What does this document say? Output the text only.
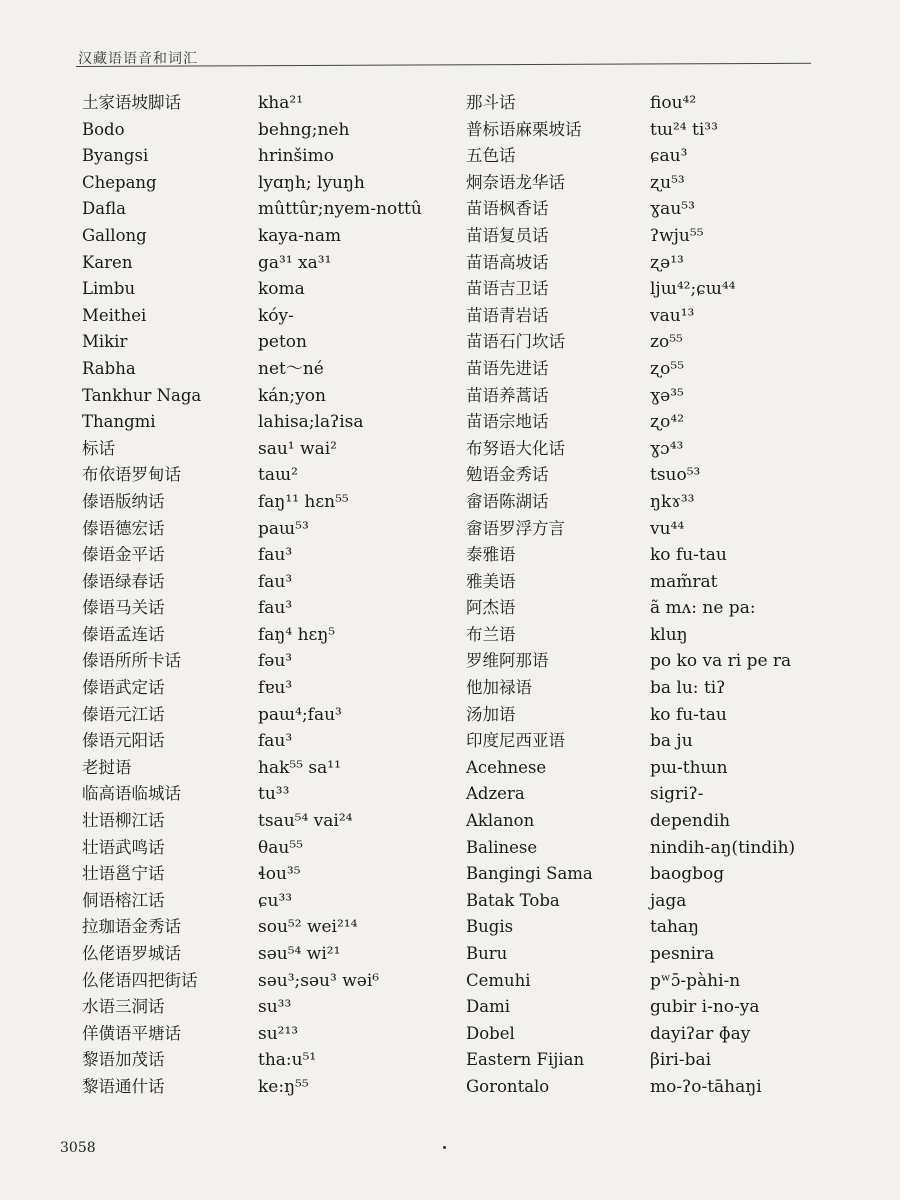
汉藏语语音和词汇
土家语坡脚话
Bodo
Byangsi
Chepang
Dafla
Gallong
Karen
Limbu
Meithei
Mikir
Rabha
Tankhur Naga
Thangmi
标话
布依语罗甸话
傣语版纳话
傣语德宏话
傣语金平话
傣语绿春话
傣语马关话
傣语孟连话
傣语所所卡话
傣语武定话
傣语元江话
傣语元阳话
老挝语
临高语临城话
壮语柳江话
壮语武鸣话
壮语邕宁话
侗语榕江话
拉珈语金秀话
仫佬语罗城话
仫佬语四把街话
水语三洞话
佯僙语平塘话
黎语加茂话
黎语通什话
kha²¹
behng;neh
hrinšimo
lyɑŋh; lyuŋh
mûttûr;nyem-nottû
kaya-nam
ga³¹ xa³¹
koma
kóy-
peton
net～né
kán;yon
lahisa;laʔisa
sau¹ wai²
taɯ²
faŋ¹¹ hɛn⁵⁵
paɯ⁵³
fau³
fau³
fau³
faŋ⁴ hɛŋ⁵
fəu³
fɐu³
paɯ⁴;fau³
fau³
hak⁵⁵ sa¹¹
tu³³
tsau⁵⁴ vai²⁴
θau⁵⁵
ɬou³⁵
ɕu³³
sou⁵² wei²¹⁴
səu⁵⁴ wi²¹
səu³;səu³ wəi⁶
su³³
su²¹³
tha:u⁵¹
ke:ŋ⁵⁵
那斗话
普标语麻栗坡话
五色话
炯奈语龙华话
苗语枫香话
苗语复员话
苗语高坡话
苗语吉卫话
苗语青岩话
苗语石门坎话
苗语先进话
苗语养蒿话
苗语宗地话
布努语大化话
勉语金秀话
畲语陈湖话
畲语罗浮方言
泰雅语
雅美语
阿杰语
布兰语
罗维阿那语
他加禄语
汤加语
印度尼西亚语
Acehnese
Adzera
Aklanon
Balinese
Bangingi Sama
Batak Toba
Bugis
Buru
Cemuhi
Dami
Dobel
Eastern Fijian
Gorontalo
fiou⁴²
tɯ²⁴ ti³³
ɕau³
ʐu⁵³
ɣau⁵³
ʔwju⁵⁵
ʐə¹³
ljɯ⁴²;ɕɯ⁴⁴
vau¹³
zo⁵⁵
ʐo⁵⁵
ɣə³⁵
ʐo⁴²
ɣɔ⁴³
tsuo⁵³
ŋkɤ³³
vu⁴⁴
ko fu-tau
mam̃rat
ã mʌ: ne pa:
kluŋ
po ko va ri pe ra
ba lu: tiʔ
ko fu-tau
ba ju
pɯ-thɯn
sigriʔ-
dependih
nindih-aŋ(tindih)
baogbog
jaga
tahaŋ
pesnira
pʷɔ̄-pàhi-n
gubir i-no-ya
dayiʔar ɸay
βiri-bai
mo-ʔo-tāhaŋi
3058
